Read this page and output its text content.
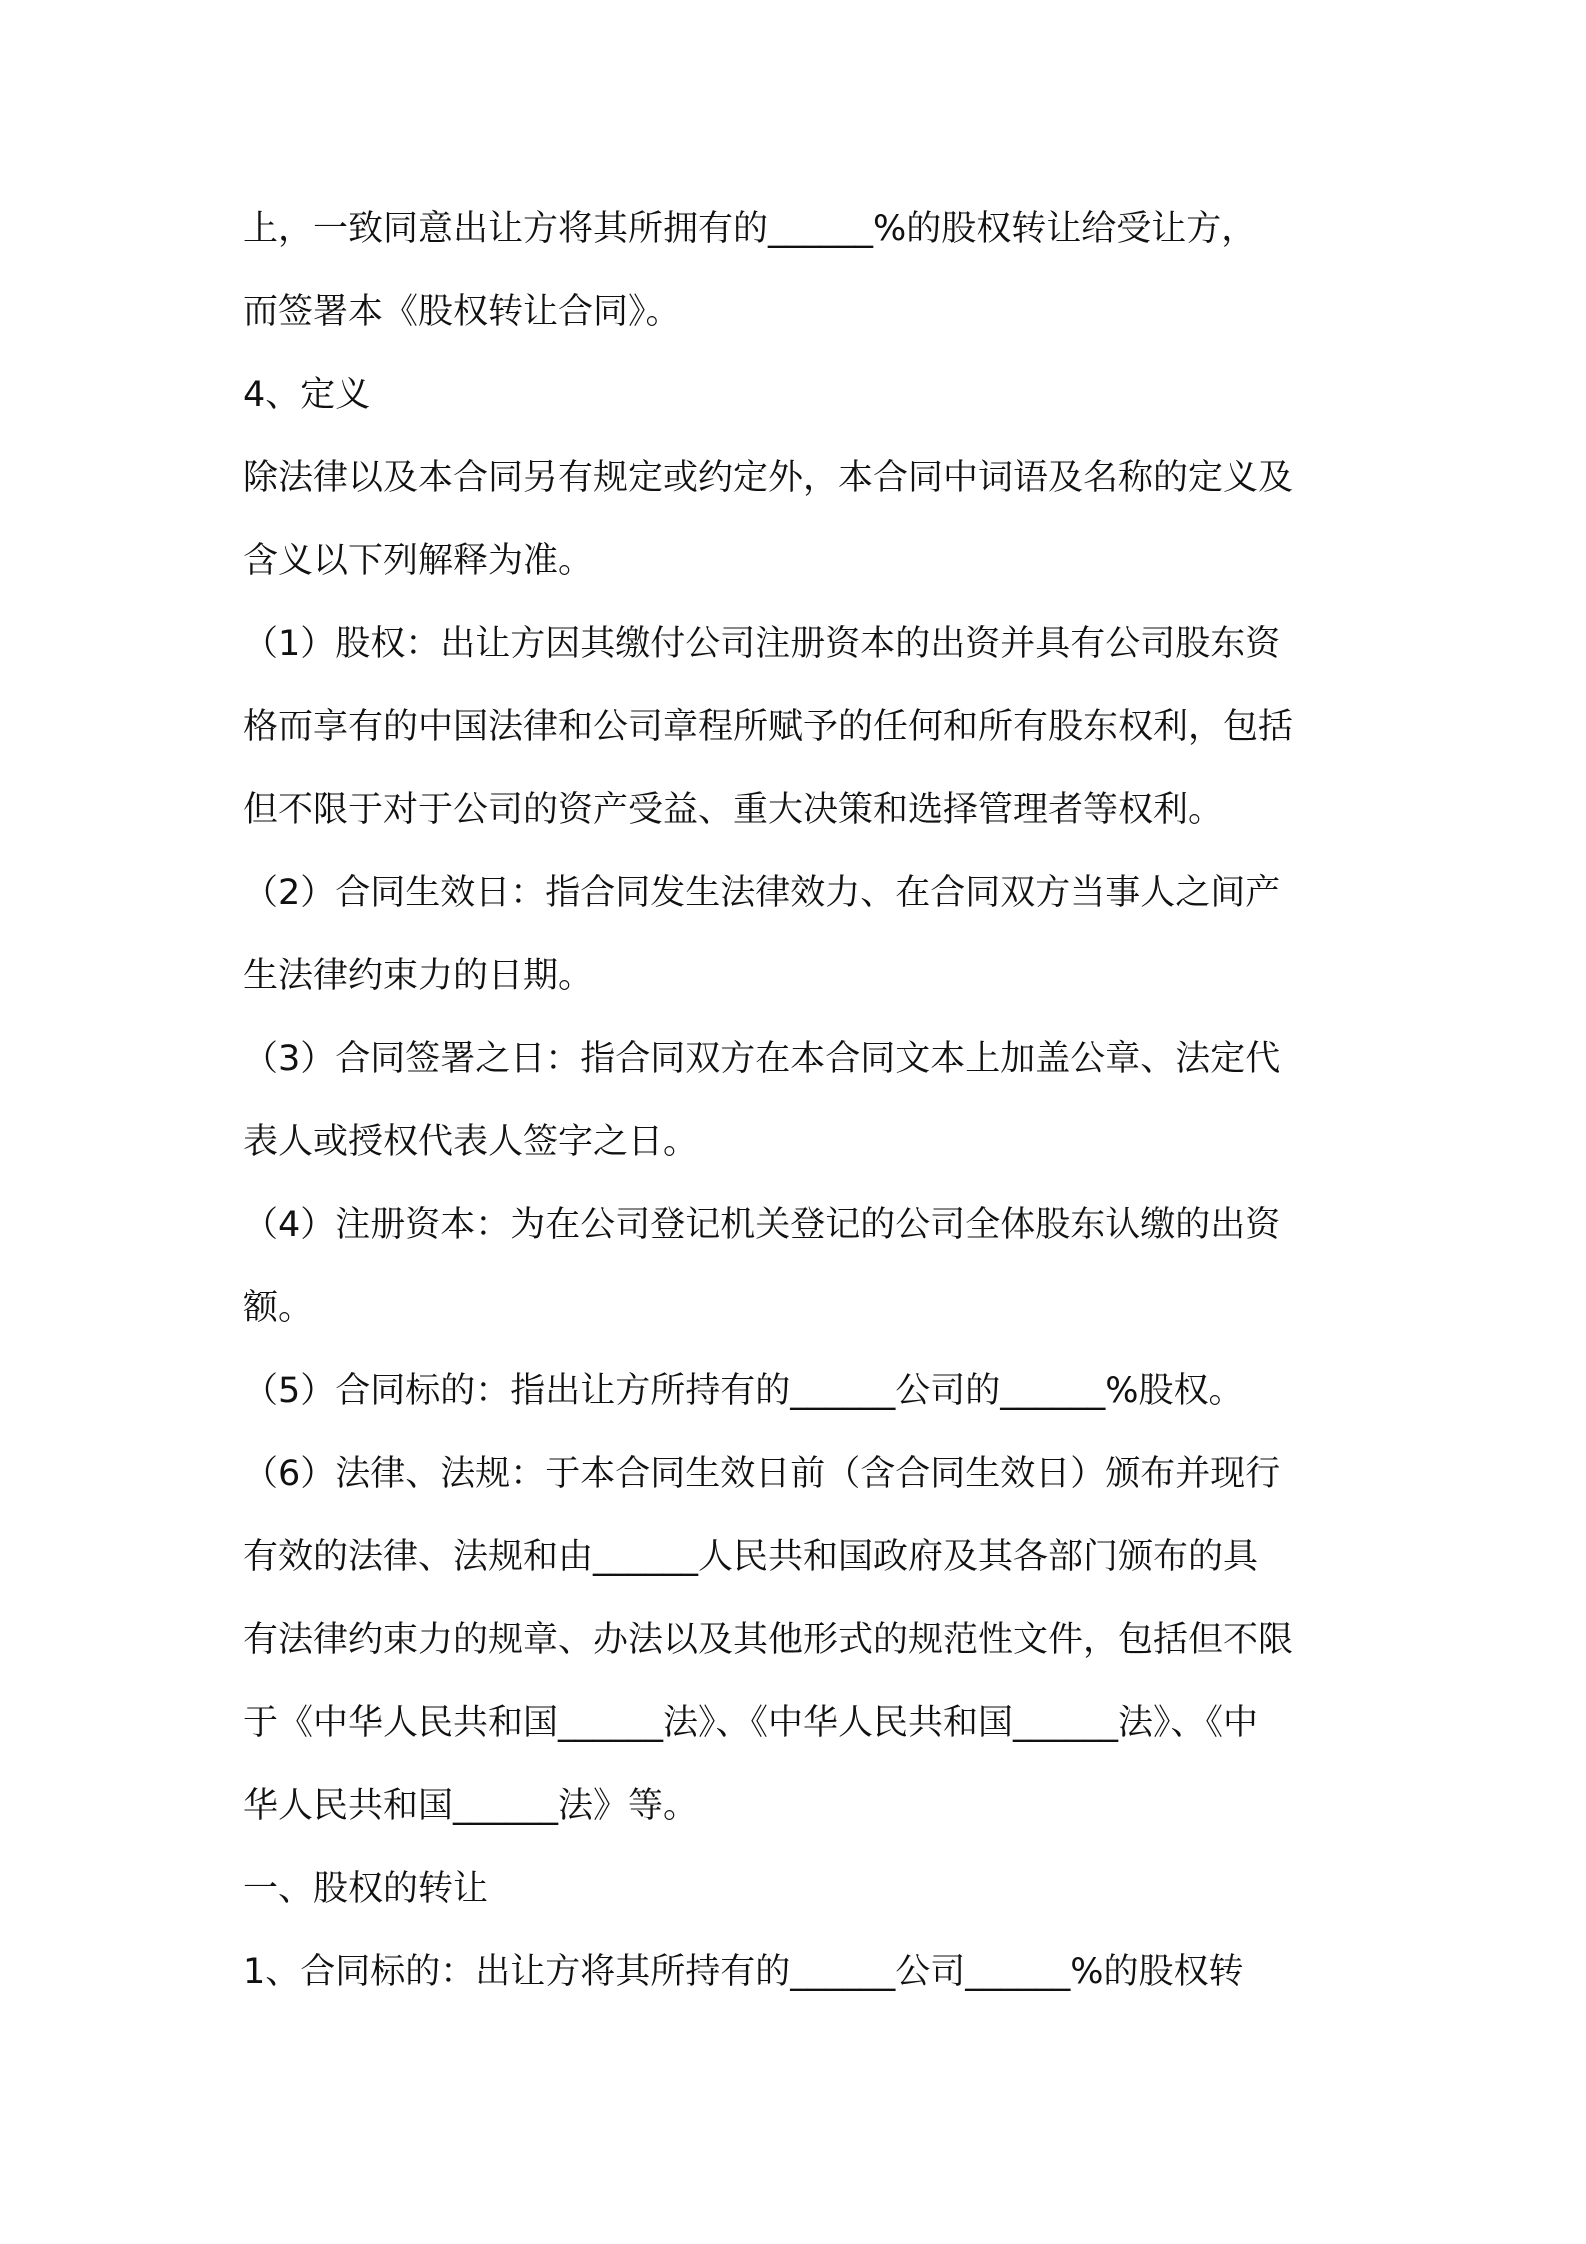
上，一致同意出让方将其所拥有的______%的股权转让给受让方，

而签署本《股权转让合同》。

4、定义

除法律以及本合同另有规定或约定外，本合同中词语及名称的定义及

含义以下列解释为准。

（1）股权：出让方因其缴付公司注册资本的出资并具有公司股东资

格而享有的中国法律和公司章程所赋予的任何和所有股东权利，包括

但不限于对于公司的资产受益、重大决策和选择管理者等权利。

（2）合同生效日：指合同发生法律效力、在合同双方当事人之间产

生法律约束力的日期。

（3）合同签署之日：指合同双方在本合同文本上加盖公章、法定代

表人或授权代表人签字之日。

（4）注册资本：为在公司登记机关登记的公司全体股东认缴的出资

额。

（5）合同标的：指出让方所持有的______公司的______%股权。

（6）法律、法规：于本合同生效日前（含合同生效日）颁布并现行

有效的法律、法规和由______人民共和国政府及其各部门颁布的具

有法律约束力的规章、办法以及其他形式的规范性文件，包括但不限

于《中华人民共和国______法》、《中华人民共和国______法》、《中

华人民共和国______法》等。

一、股权的转让

1、合同标的：出让方将其所持有的______公司______%的股权转
